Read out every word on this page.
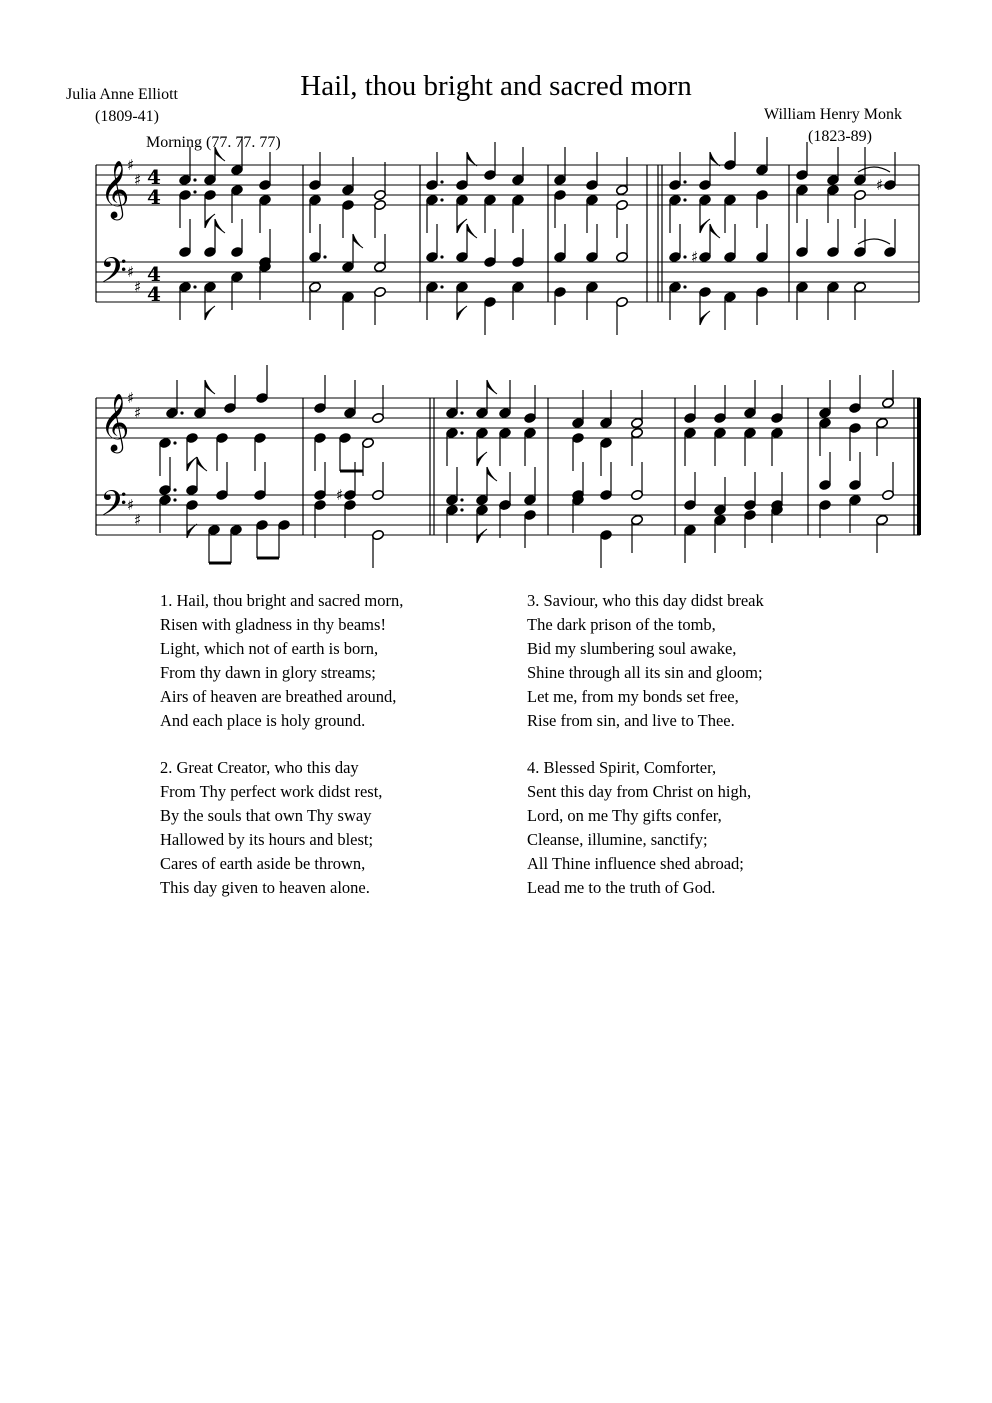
Hail, thou bright and sacred morn
Julia Anne Elliott
(1809-41)	William Henry Monk
(1823-89)
Morning (77. 77. 77)
𝄞
𝄢
♯
♯
♯
♯
4
4
4
4
♯
♯
𝄞
𝄢
♯
♯
♯
♯
♯
1. Hail, thou bright and sacred morn,
Risen with gladness in thy beams!
Light, which not of earth is born,
From thy dawn in glory streams;
Airs of heaven are breathed around,
And each place is holy ground.
2. Great Creator, who this day
From Thy perfect work didst rest,
By the souls that own Thy sway
Hallowed by its hours and blest;
Cares of earth aside be thrown,
This day given to heaven alone.
3. Saviour, who this day didst break
The dark prison of the tomb,
Bid my slumbering soul awake,
Shine through all its sin and gloom;
Let me, from my bonds set free,
Rise from sin, and live to Thee.
4. Blessed Spirit, Comforter,
Sent this day from Christ on high,
Lord, on me Thy gifts confer,
Cleanse, illumine, sanctify;
All Thine influence shed abroad;
Lead me to the truth of God.
